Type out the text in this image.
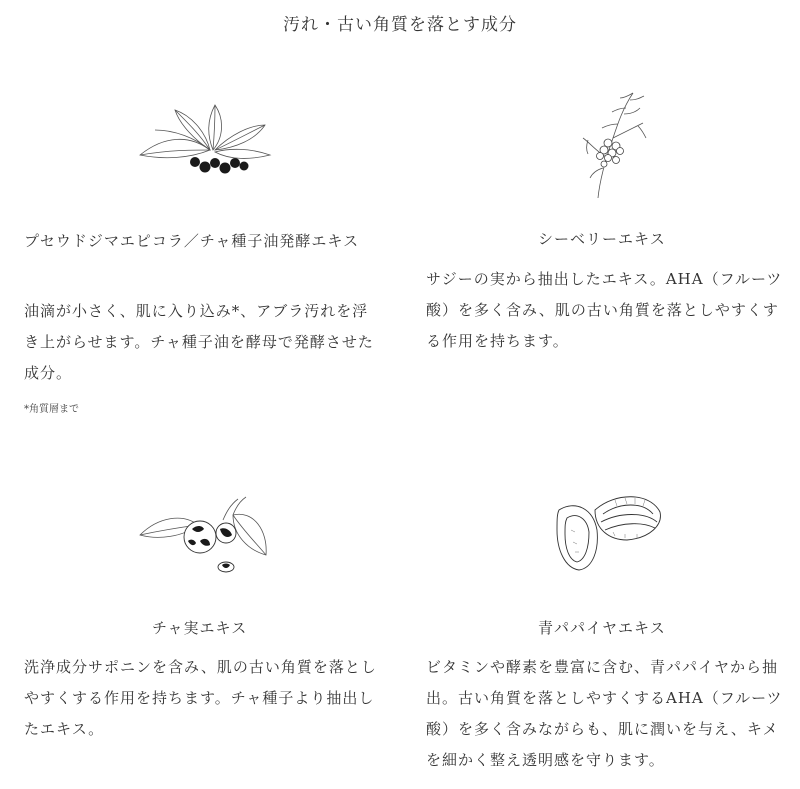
汚れ・古い角質を落とす成分
プセウドジマエピコラ／チャ種子油発酵エキス
油滴が小さく、肌に入り込み*、アブラ汚れを浮き上がらせます。チャ種子油を酵母で発酵させた成分。
*角質層まで
シーベリーエキス
サジーの実から抽出したエキス。AHA（フルーツ酸）を多く含み、肌の古い角質を落としやすくする作用を持ちます。
チャ実エキス
洗浄成分サポニンを含み、肌の古い角質を落としやすくする作用を持ちます。チャ種子より抽出したエキス。
青パパイヤエキス
ビタミンや酵素を豊富に含む、青パパイヤから抽出。古い角質を落としやすくするAHA（フルーツ酸）を多く含みながらも、肌に潤いを与え、キメを細かく整え透明感を守ります。
